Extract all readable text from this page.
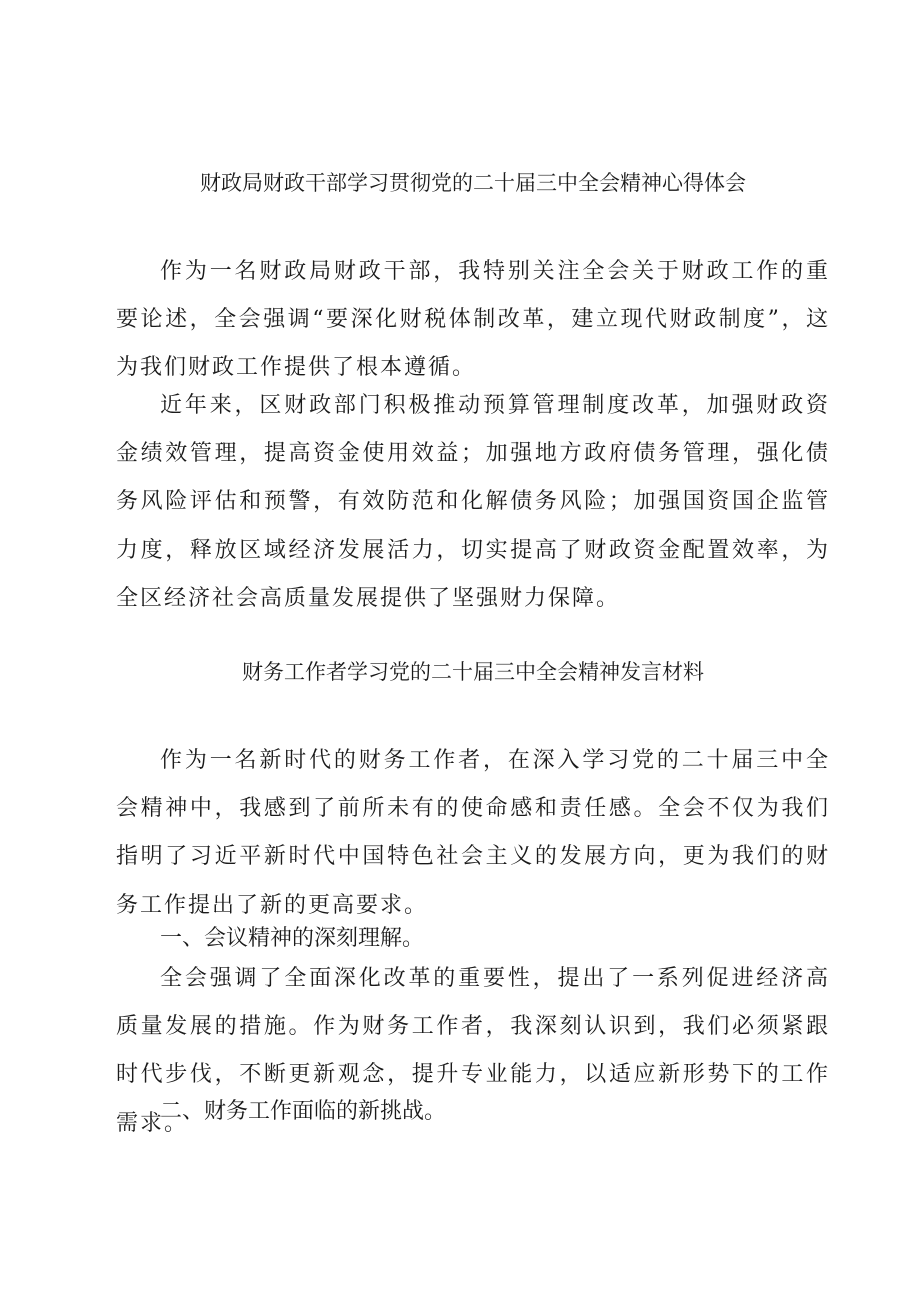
财政局财政干部学习贯彻党的二十届三中全会精神心得体会

作为一名财政局财政干部，我特别关注全会关于财政工作的重要论述，全会强调“要深化财税体制改革，建立现代财政制度”，这为我们财政工作提供了根本遵循。

近年来，区财政部门积极推动预算管理制度改革，加强财政资金绩效管理，提高资金使用效益；加强地方政府债务管理，强化债务风险评估和预警，有效防范和化解债务风险；加强国资国企监管力度，释放区域经济发展活力，切实提高了财政资金配置效率，为全区经济社会高质量发展提供了坚强财力保障。

财务工作者学习党的二十届三中全会精神发言材料

作为一名新时代的财务工作者，在深入学习党的二十届三中全会精神中，我感到了前所未有的使命感和责任感。全会不仅为我们指明了习近平新时代中国特色社会主义的发展方向，更为我们的财务工作提出了新的更高要求。

一、会议精神的深刻理解。

全会强调了全面深化改革的重要性，提出了一系列促进经济高质量发展的措施。作为财务工作者，我深刻认识到，我们必须紧跟时代步伐，不断更新观念，提升专业能力，以适应新形势下的工作需求。

二、财务工作面临的新挑战。
